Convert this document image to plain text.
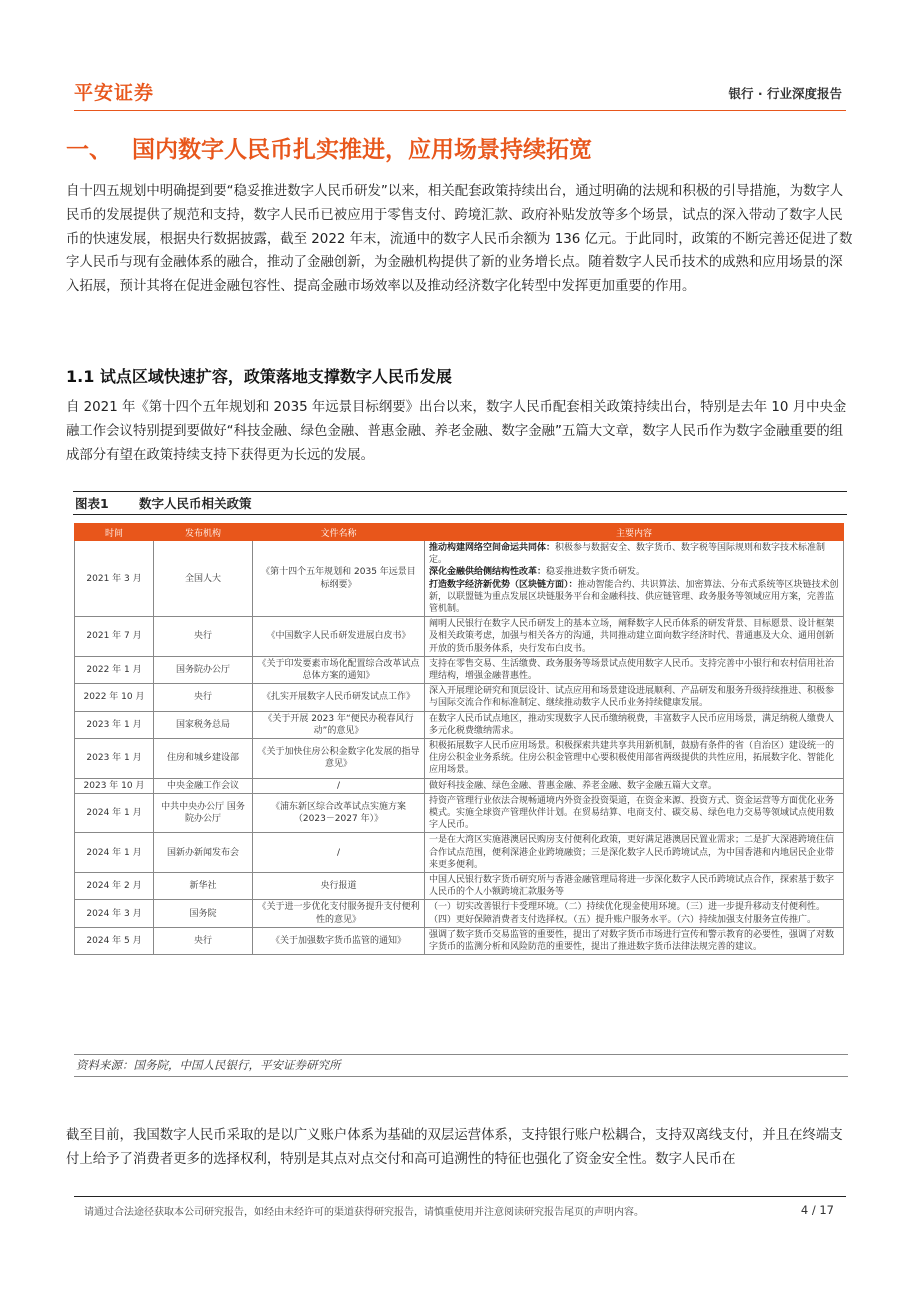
平安证券	银行 · 行业深度报告
一、 国内数字人民币扎实推进，应用场景持续拓宽

自十四五规划中明确提到要“稳妥推进数字人民币研发”以来，相关配套政策持续出台，通过明确的法规和积极的引导措施，为数字人民币的发展提供了规范和支持，数字人民币已被应用于零售支付、跨境汇款、政府补贴发放等多个场景，试点的深入带动了数字人民币的快速发展，根据央行数据披露，截至 2022 年末，流通中的数字人民币余额为 136 亿元。于此同时，政策的不断完善还促进了数字人民币与现有金融体系的融合，推动了金融创新，为金融机构提供了新的业务增长点。随着数字人民币技术的成熟和应用场景的深入拓展，预计其将在促进金融包容性、提高金融市场效率以及推动经济数字化转型中发挥更加重要的作用。

1.1 试点区域快速扩容，政策落地支撑数字人民币发展

自 2021 年《第十四个五年规划和 2035 年远景目标纲要》出台以来，数字人民币配套相关政策持续出台，特别是去年 10 月中央金融工作会议特别提到要做好“科技金融、绿色金融、普惠金融、养老金融、数字金融”五篇大文章，数字人民币作为数字金融重要的组成部分有望在政策持续支持下获得更为长远的发展。

图表1 数字人民币相关政策
时间	发布机构	文件名称	主要内容
2021 年 3 月	全国人大	《第十四个五年规划和 2035 年远景目标纲要》	推动构建网络空间命运共同体：积极参与数据安全、数字货币、数字税等国际规则和数字技术标准制定。
深化金融供给侧结构性改革：稳妥推进数字货币研发。
打造数字经济新优势（区块链方面）：推动智能合约、共识算法、加密算法、分布式系统等区块链技术创新，以联盟链为重点发展区块链服务平台和金融科技、供应链管理、政务服务等领域应用方案，完善监管机制。
2021 年 7 月	央行	《中国数字人民币研发进展白皮书》	阐明人民银行在数字人民币研发上的基本立场，阐释数字人民币体系的研发背景、目标愿景、设计框架及相关政策考虑，加强与相关各方的沟通，共同推动建立面向数字经济时代、普通惠及大众、通用创新开放的货币服务体系，央行发布白皮书。
2022 年 1 月	国务院办公厅	《关于印发要素市场化配置综合改革试点总体方案的通知》	支持在零售交易、生活缴费、政务服务等场景试点使用数字人民币。支持完善中小银行和农村信用社治理结构，增强金融普惠性。
2022 年 10 月	央行	《扎实开展数字人民币研发试点工作》	深入开展理论研究和顶层设计、试点应用和场景建设进展顺利、产品研发和服务升级持续推进、积极参与国际交流合作和标准制定、继续推动数字人民币业务持续健康发展。
2023 年 1 月	国家税务总局	《关于开展 2023 年“便民办税春风行动”的意见》	在数字人民币试点地区，推动实现数字人民币缴纳税费，丰富数字人民币应用场景，满足纳税人缴费人多元化税费缴纳需求。
2023 年 1 月	住房和城乡建设部	《关于加快住房公积金数字化发展的指导意见》	积极拓展数字人民币应用场景。积极探索共建共享共用新机制，鼓励有条件的省（自治区）建设统一的住房公积金业务系统。住房公积金管理中心要积极使用部省两级提供的共性应用，拓展数字化、智能化应用场景。
2023 年 10 月	中央金融工作会议	/	做好科技金融、绿色金融、普惠金融、养老金融、数字金融五篇大文章。
2024 年 1 月	中共中央办公厅 国务院办公厅	《浦东新区综合改革试点实施方案（2023－2027 年）》	持资产管理行业依法合规畅通境内外资金投资渠道，在资金来源、投资方式、资金运营等方面优化业务模式。实施全球资产管理伙伴计划。在贸易结算、电商支付、碳交易、绿色电力交易等领域试点使用数字人民币。
2024 年 1 月	国新办新闻发布会	/	一是在大湾区实施港澳居民购房支付便利化政策，更好满足港澳居民置业需求；二是扩大深港跨境住信合作试点范围，便利深港企业跨境融资；三是深化数字人民币跨境试点，为中国香港和内地居民企业带来更多便利。
2024 年 2 月	新华社	央行报道	中国人民银行数字货币研究所与香港金融管理局将进一步深化数字人民币跨境试点合作，探索基于数字人民币的个人小额跨境汇款服务等
2024 年 3 月	国务院	《关于进一步优化支付服务提升支付便利性的意见》	（一）切实改善银行卡受理环境。（二）持续优化现金使用环境。（三）进一步提升移动支付便利性。（四）更好保障消费者支付选择权。（五）提升账户服务水平。（六）持续加强支付服务宣传推广。
2024 年 5 月	央行	《关于加强数字货币监管的通知》	强调了数字货币交易监管的重要性，提出了对数字货币市场进行宣传和警示教育的必要性，强调了对数字货币的监测分析和风险防范的重要性，提出了推进数字货币法律法规完善的建议。
资料来源：国务院，中国人民银行，平安证券研究所

截至目前，我国数字人民币采取的是以广义账户体系为基础的双层运营体系，支持银行账户松耦合，支持双离线支付，并且在终端支付上给予了消费者更多的选择权利，特别是其点对点交付和高可追溯性的特征也强化了资金安全性。数字人民币在

请通过合法途径获取本公司研究报告，如经由未经许可的渠道获得研究报告，请慎重使用并注意阅读研究报告尾页的声明内容。	4 / 17
